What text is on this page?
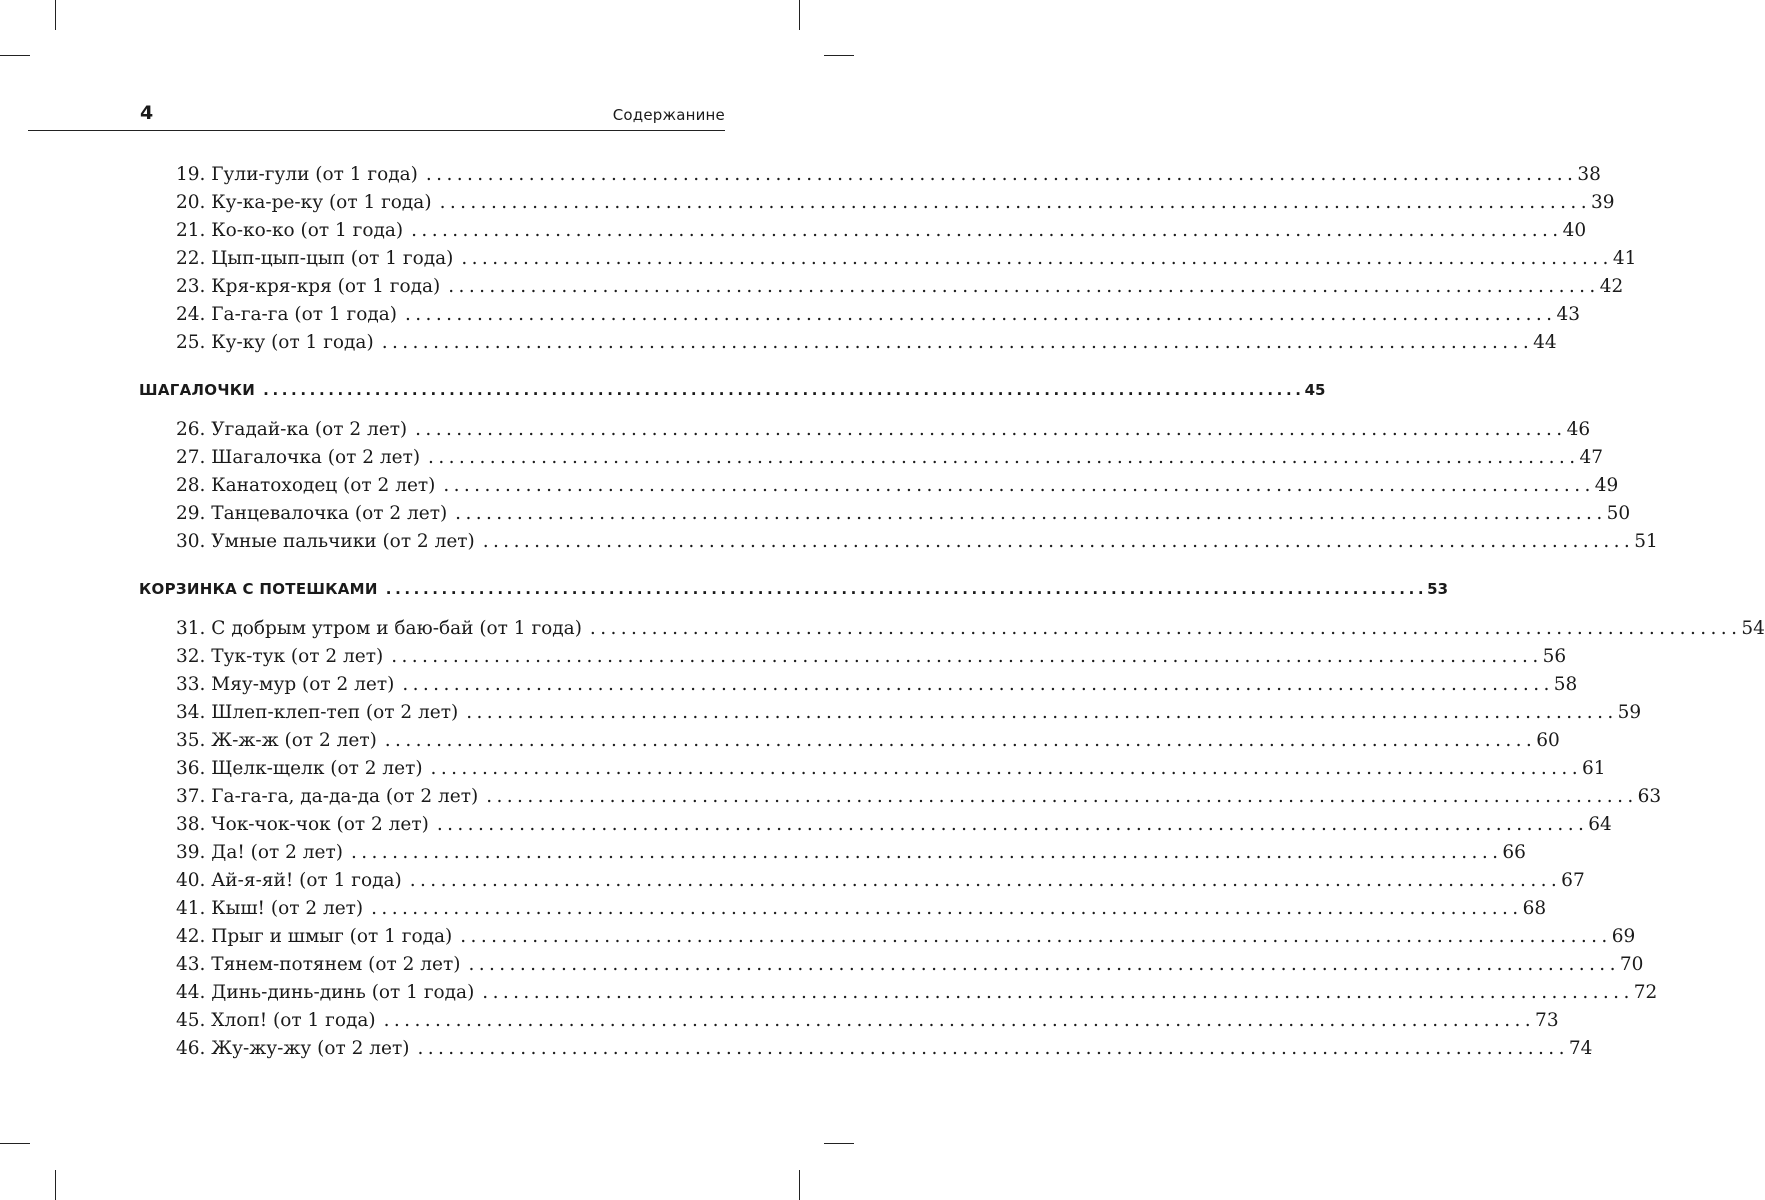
4	Содержанине
19. Гули-гули (от 1 года) ................................................................................................................ 38
20. Ку-ка-ре-ку (от 1 года) ................................................................................................................ 39
21. Ко-ко-ко (от 1 года) ................................................................................................................ 40
22. Цып-цып-цып (от 1 года) ................................................................................................................ 41
23. Кря-кря-кря (от 1 года) ................................................................................................................ 42
24. Га-га-га (от 1 года) ................................................................................................................ 43
25. Ку-ку (от 1 года) ................................................................................................................ 44
ШАГАЛОЧКИ ................................................................................................................ 45
26. Угадай-ка (от 2 лет) ................................................................................................................ 46
27. Шагалочка (от 2 лет) ................................................................................................................ 47
28. Канатоходец (от 2 лет) ................................................................................................................ 49
29. Танцевалочка (от 2 лет) ................................................................................................................ 50
30. Умные пальчики (от 2 лет) ................................................................................................................ 51
КОРЗИНКА С ПОТЕШКАМИ ................................................................................................................ 53
31. С добрым утром и баю-бай (от 1 года) ................................................................................................................ 54
32. Тук-тук (от 2 лет) ................................................................................................................ 56
33. Мяу-мур (от 2 лет) ................................................................................................................ 58
34. Шлеп-клеп-теп (от 2 лет) ................................................................................................................ 59
35. Ж-ж-ж (от 2 лет) ................................................................................................................ 60
36. Щелк-щелк (от 2 лет) ................................................................................................................ 61
37. Га-га-га, да-да-да (от 2 лет) ................................................................................................................ 63
38. Чок-чок-чок (от 2 лет) ................................................................................................................ 64
39. Да! (от 2 лет) ................................................................................................................ 66
40. Ай-я-яй! (от 1 года) ................................................................................................................ 67
41. Кыш! (от 2 лет) ................................................................................................................ 68
42. Прыг и шмыг (от 1 года) ................................................................................................................ 69
43. Тянем-потянем (от 2 лет) ................................................................................................................ 70
44. Динь-динь-динь (от 1 года) ................................................................................................................ 72
45. Хлоп! (от 1 года) ................................................................................................................ 73
46. Жу-жу-жу (от 2 лет) ................................................................................................................ 74
